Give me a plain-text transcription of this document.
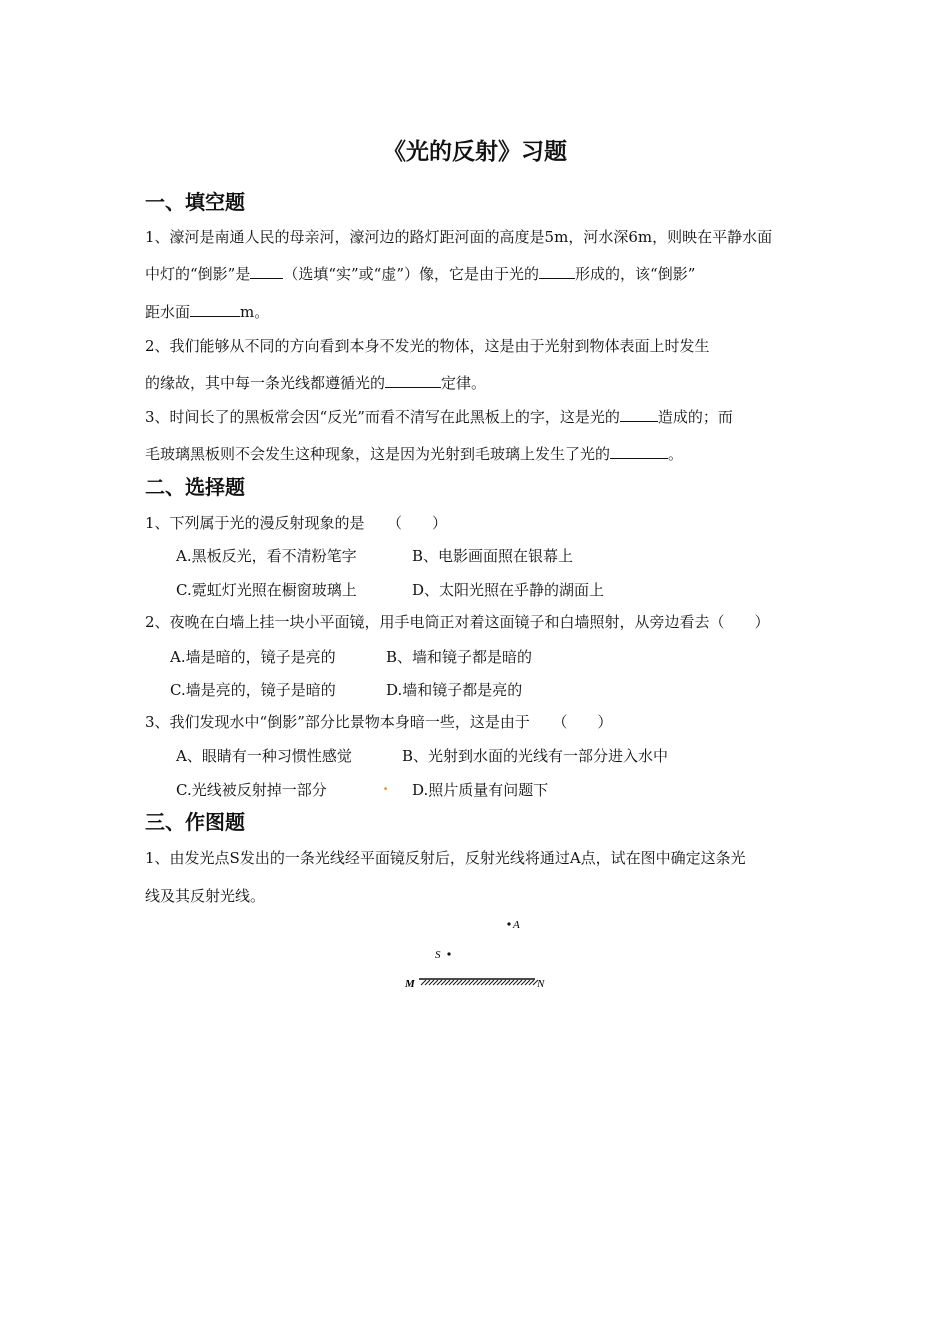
《光的反射》习题
一、填空题
1、濠河是南通人民的母亲河，濠河边的路灯距河面的高度是5m，河水深6m，则映在平静水面
中灯的“倒影”是 （选填“实”或“虚”）像，它是由于光的 形成的，该“倒影”
距水面	m。
2、我们能够从不同的方向看到本身不发光的物体，这是由于光射到物体表面上时发生
的缘故，其中每一条光线都遵循光的	定律。
3、时间长了的黑板常会因“反光”而看不清写在此黑板上的字，这是光的	造成的；而
毛玻璃黑板则不会发生这种现象，这是因为光射到毛玻璃上发生了光的	。
二、选择题
1、下列属于光的漫反射现象的是　　（　　）
A.黑板反光，看不清粉笔字	B、电影画面照在银幕上
C.霓虹灯光照在橱窗玻璃上	D、太阳光照在乎静的湖面上
2、夜晚在白墙上挂一块小平面镜，用手电筒正对着这面镜子和白墙照射，从旁边看去（　　）
A.墙是暗的，镜子是亮的	B、墙和镜子都是暗的
C.墙是亮的，镜子是暗的	D.墙和镜子都是亮的
3、我们发现水中“倒影”部分比景物本身暗一些，这是由于　　（　　）
A、眼睛有一种习惯性感觉	B、光射到水面的光线有一部分进入水中
C.光线被反射掉一部分	. D.照片质量有问题下
三、作图题
1、由发光点S发出的一条光线经平面镜反射后，反射光线将通过A点，试在图中确定这条光
线及其反射光线。
A
S
M	N
